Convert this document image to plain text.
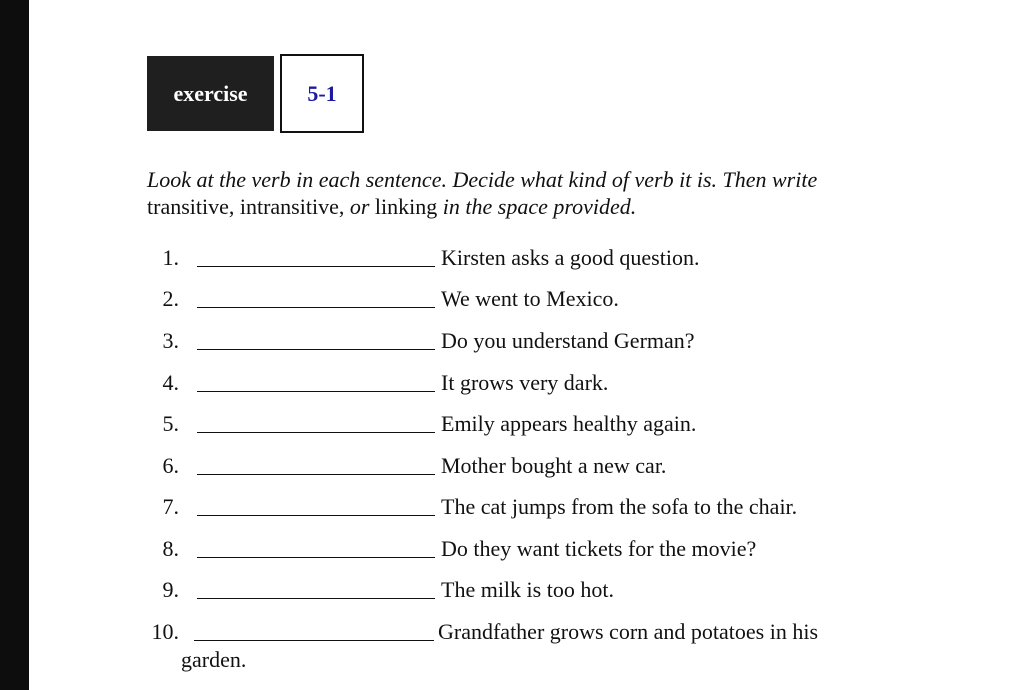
exercise	5-1
Look at the verb in each sentence. Decide what kind of verb it is. Then write transitive, intransitive, or linking in the space provided.
1.	Kirsten asks a good question.
2.	We went to Mexico.
3.	Do you understand German?
4.	It grows very dark.
5.	Emily appears healthy again.
6.	Mother bought a new car.
7.	The cat jumps from the sofa to the chair.
8.	Do they want tickets for the movie?
9.	The milk is too hot.
10.	Grandfather grows corn and potatoes in his
garden.
